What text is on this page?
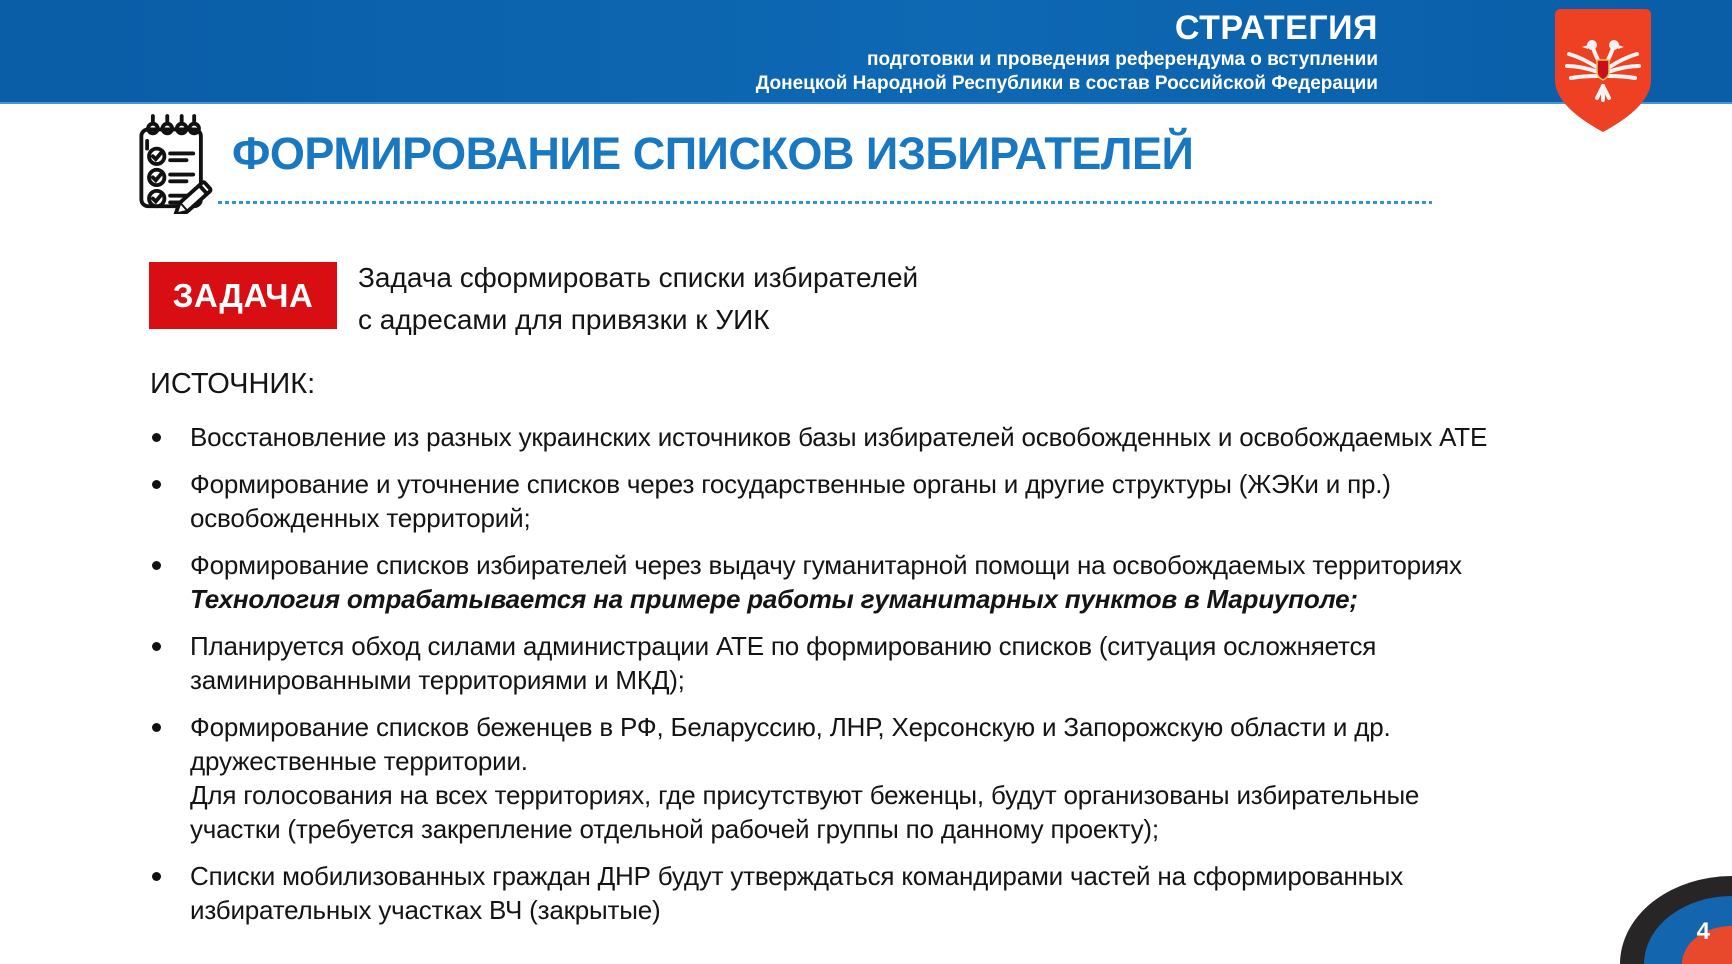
СТРАТЕГИЯ
подготовки и проведения референдума о вступлении
Донецкой Народной Республики в состав Российской Федерации
ФОРМИРОВАНИЕ СПИСКОВ ИЗБИРАТЕЛЕЙ
ЗАДАЧА Задача сформировать списки избирателей
с адресами для привязки к УИК
ИСТОЧНИК:
Восстановление из разных украинских источников базы избирателей освобожденных и освобождаемых АТЕ
Формирование и уточнение списков через государственные органы и другие структуры (ЖЭКи и пр.)
освобожденных территорий;
Формирование списков избирателей через выдачу гуманитарной помощи на освобождаемых территориях
Технология отрабатывается на примере работы гуманитарных пунктов в Мариуполе;
Планируется обход силами администрации АТЕ по формированию списков (ситуация осложняется
заминированными территориями и МКД);
Формирование списков беженцев в РФ, Беларуссию, ЛНР, Херсонскую и Запорожскую области и др.
дружественные территории.
Для голосования на всех территориях, где присутствуют беженцы, будут организованы избирательные
участки (требуется закрепление отдельной рабочей группы по данному проекту);
Списки мобилизованных граждан ДНР будут утверждаться командирами частей на сформированных
избирательных участках ВЧ (закрытые)
4
